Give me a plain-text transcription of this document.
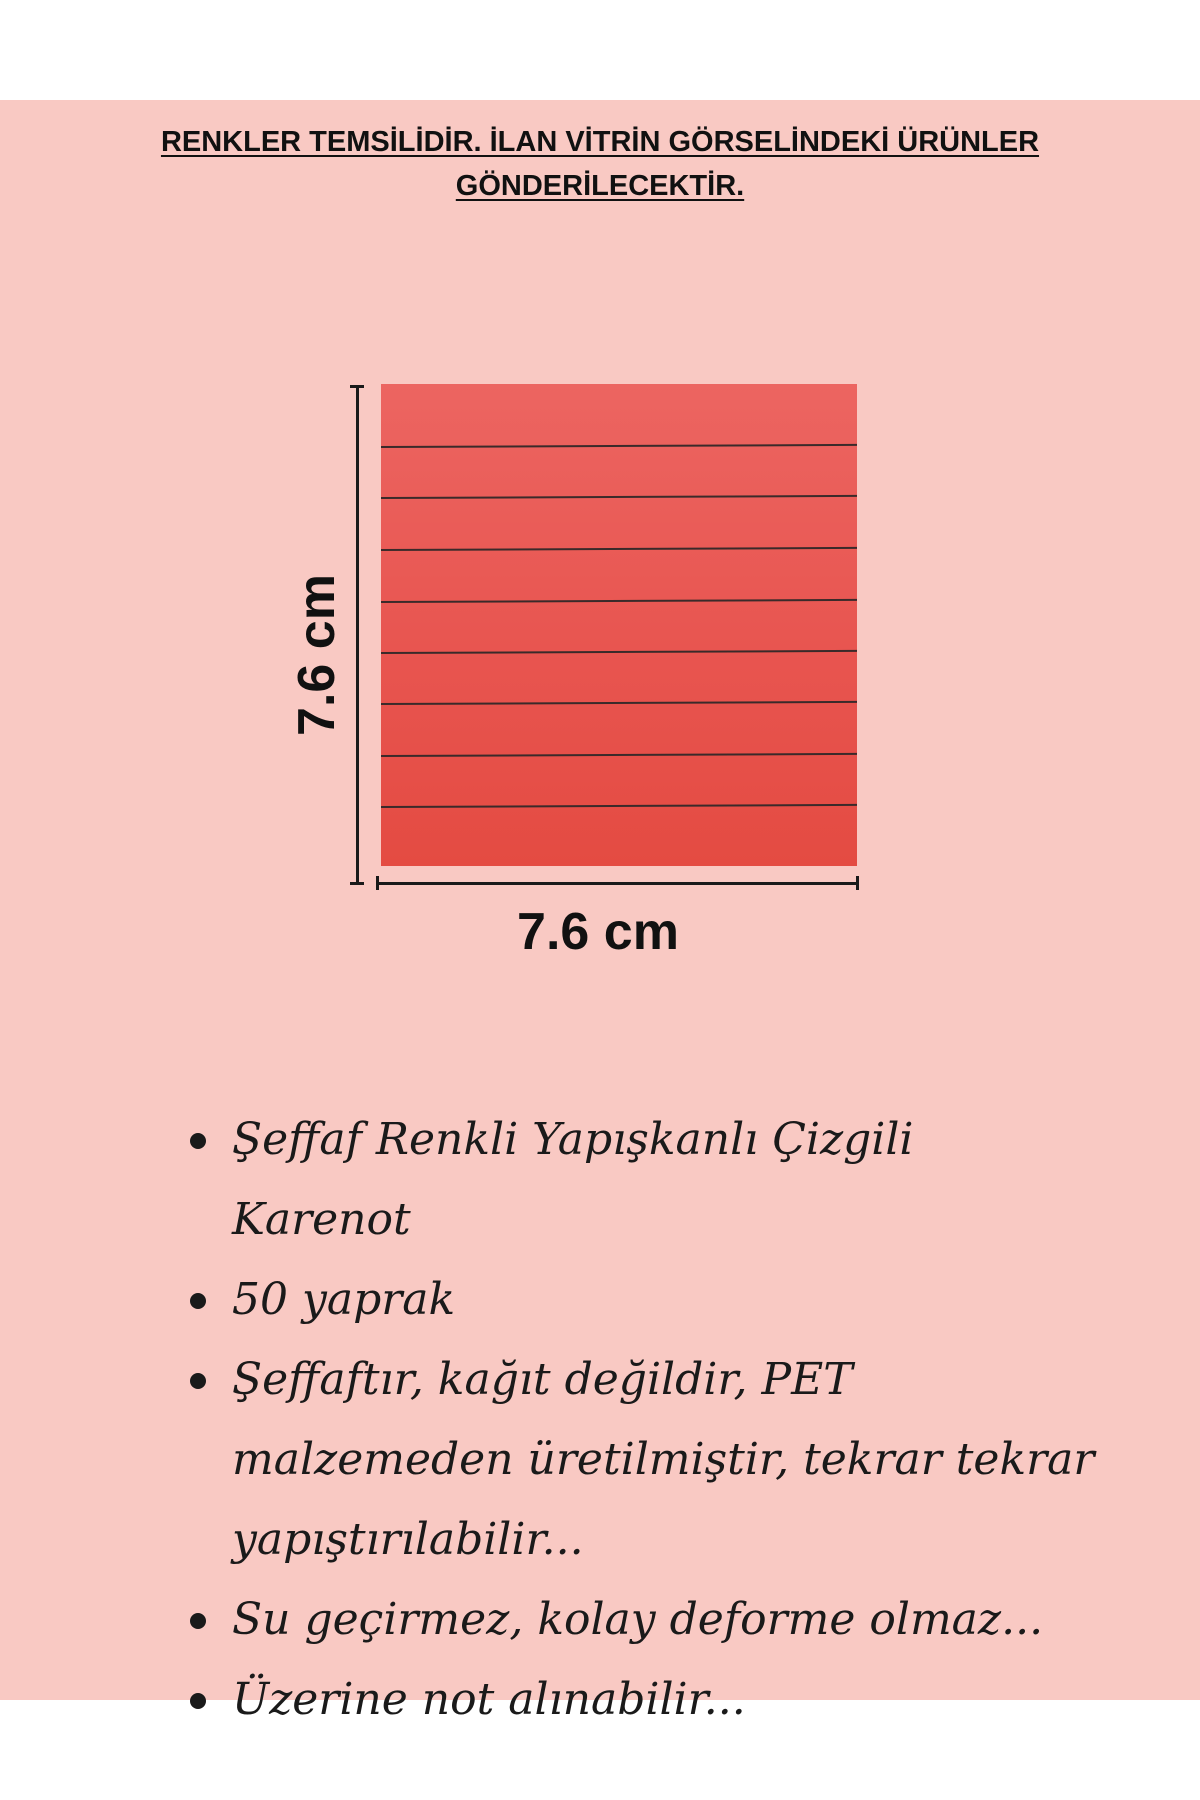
RENKLER TEMSİLİDİR. İLAN VİTRİN GÖRSELİNDEKİ ÜRÜNLER
GÖNDERİLECEKTİR.
7.6 cm
7.6 cm
Şeffaf Renkli Yapışkanlı Çizgili Karenot
50 yaprak
Şeffaftır, kağıt değildir, PET malzemeden üretilmiştir, tekrar tekrar yapıştırılabilir...
Su geçirmez, kolay deforme olmaz...
Üzerine not alınabilir...
